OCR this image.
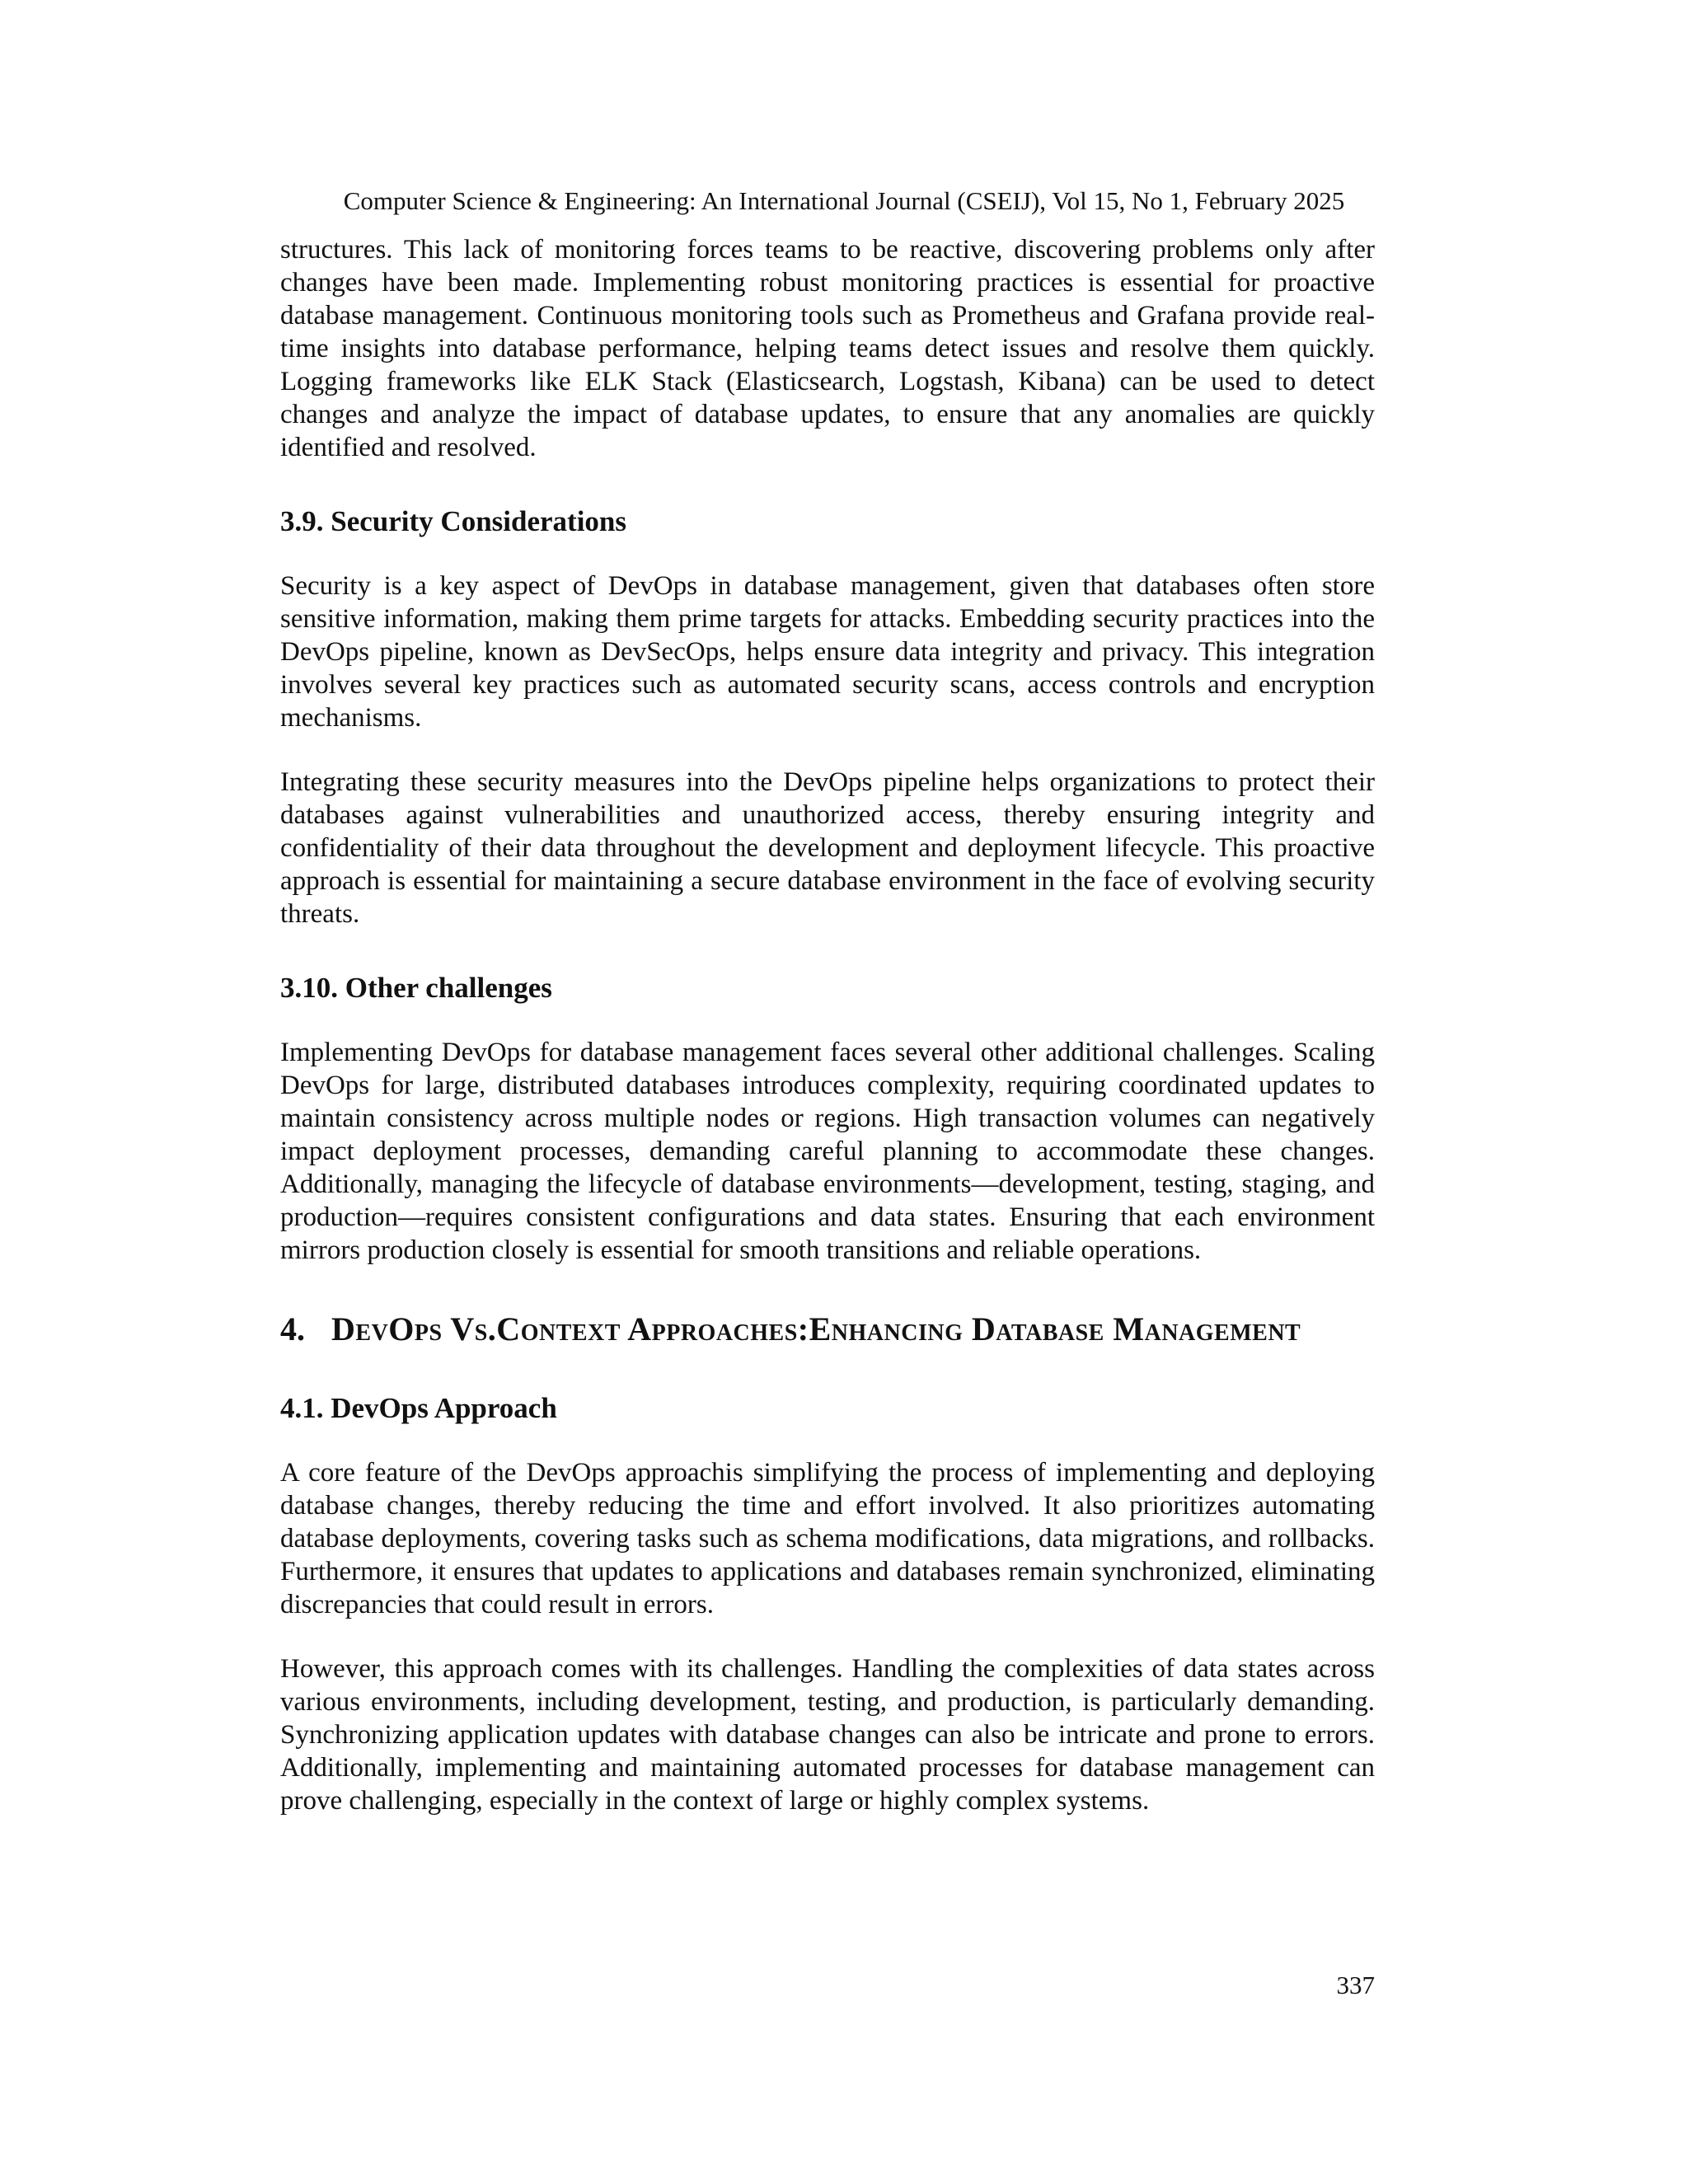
Computer Science & Engineering: An International Journal (CSEIJ), Vol 15, No 1, February 2025

structures. This lack of monitoring forces teams to be reactive, discovering problems only after changes have been made. Implementing robust monitoring practices is essential for proactive database management. Continuous monitoring tools such as Prometheus and Grafana provide real-time insights into database performance, helping teams detect issues and resolve them quickly. Logging frameworks like ELK Stack (Elasticsearch, Logstash, Kibana) can be used to detect changes and analyze the impact of database updates, to ensure that any anomalies are quickly identified and resolved.

3.9. Security Considerations

Security is a key aspect of DevOps in database management, given that databases often store sensitive information, making them prime targets for attacks. Embedding security practices into the DevOps pipeline, known as DevSecOps, helps ensure data integrity and privacy. This integration involves several key practices such as automated security scans, access controls and encryption mechanisms.

Integrating these security measures into the DevOps pipeline helps organizations to protect their databases against vulnerabilities and unauthorized access, thereby ensuring integrity and confidentiality of their data throughout the development and deployment lifecycle. This proactive approach is essential for maintaining a secure database environment in the face of evolving security threats.

3.10. Other challenges

Implementing DevOps for database management faces several other additional challenges. Scaling DevOps for large, distributed databases introduces complexity, requiring coordinated updates to maintain consistency across multiple nodes or regions. High transaction volumes can negatively impact deployment processes, demanding careful planning to accommodate these changes. Additionally, managing the lifecycle of database environments—development, testing, staging, and production—requires consistent configurations and data states. Ensuring that each environment mirrors production closely is essential for smooth transitions and reliable operations.

4. DevOps Vs.Context Approaches:Enhancing Database Management
4.1. DevOps Approach

A core feature of the DevOps approachis simplifying the process of implementing and deploying database changes, thereby reducing the time and effort involved. It also prioritizes automating database deployments, covering tasks such as schema modifications, data migrations, and rollbacks. Furthermore, it ensures that updates to applications and databases remain synchronized, eliminating discrepancies that could result in errors.

However, this approach comes with its challenges. Handling the complexities of data states across various environments, including development, testing, and production, is particularly demanding. Synchronizing application updates with database changes can also be intricate and prone to errors. Additionally, implementing and maintaining automated processes for database management can prove challenging, especially in the context of large or highly complex systems.

337
